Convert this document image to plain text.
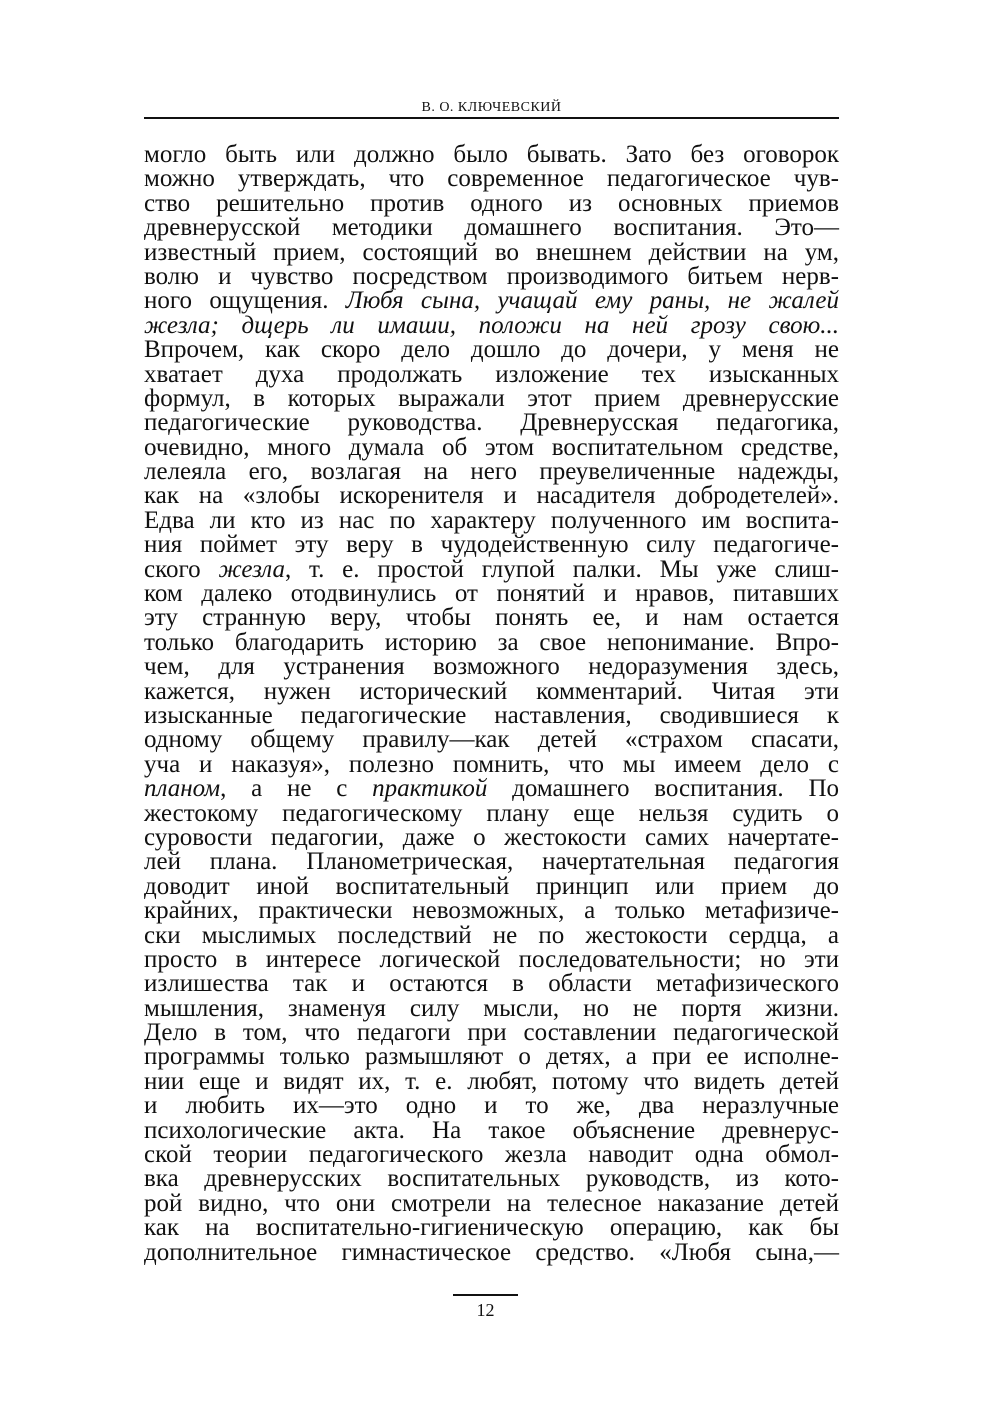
В. О. КЛЮЧЕВСКИЙ
могло быть или должно было бывать. Зато без оговорок
можно утверждать, что современное педагогическое чув-
ство решительно против одного из основных приемов
древнерусской методики домашнего воспитания. Это—
известный прием, состоящий во внешнем действии на ум,
волю и чувство посредством производимого битьем нерв-
ного ощущения. Любя сына, учащай ему раны, не жалей
жезла; дщерь ли имаши, положи на ней грозу свою...
Впрочем, как скоро дело дошло до дочери, у меня не
хватает духа продолжать изложение тех изысканных
формул, в которых выражали этот прием древнерусские
педагогические руководства. Древнерусская педагогика,
очевидно, много думала об этом воспитательном средстве,
лелеяла его, возлагая на него преувеличенные надежды,
как на «злобы искоренителя и насадителя добродетелей».
Едва ли кто из нас по характеру полученного им воспита-
ния поймет эту веру в чудодейственную силу педагогиче-
ского жезла, т. е. простой глупой палки. Мы уже слиш-
ком далеко отодвинулись от понятий и нравов, питавших
эту странную веру, чтобы понять ее, и нам остается
только благодарить историю за свое непонимание. Впро-
чем, для устранения возможного недоразумения здесь,
кажется, нужен исторический комментарий. Читая эти
изысканные педагогические наставления, сводившиеся к
одному общему правилу—как детей «страхом спасати,
уча и наказуя», полезно помнить, что мы имеем дело с
планом, а не с практикой домашнего воспитания. По
жестокому педагогическому плану еще нельзя судить о
суровости педагогии, даже о жестокости самих начертате-
лей плана. Планометрическая, начертательная педагогия
доводит иной воспитательный принцип или прием до
крайних, практически невозможных, а только метафизиче-
ски мыслимых последствий не по жестокости сердца, а
просто в интересе логической последовательности; но эти
излишества так и остаются в области метафизического
мышления, знаменуя силу мысли, но не портя жизни.
Дело в том, что педагоги при составлении педагогической
программы только размышляют о детях, а при ее исполне-
нии еще и видят их, т. е. любят, потому что видеть детей
и любить их—это одно и то же, два неразлучные
психологические акта. На такое объяснение древнерус-
ской теории педагогического жезла наводит одна обмол-
вка древнерусских воспитательных руководств, из кото-
рой видно, что они смотрели на телесное наказание детей
как на воспитательно-гигиеническую операцию, как бы
дополнительное гимнастическое средство. «Любя сына,—
12
